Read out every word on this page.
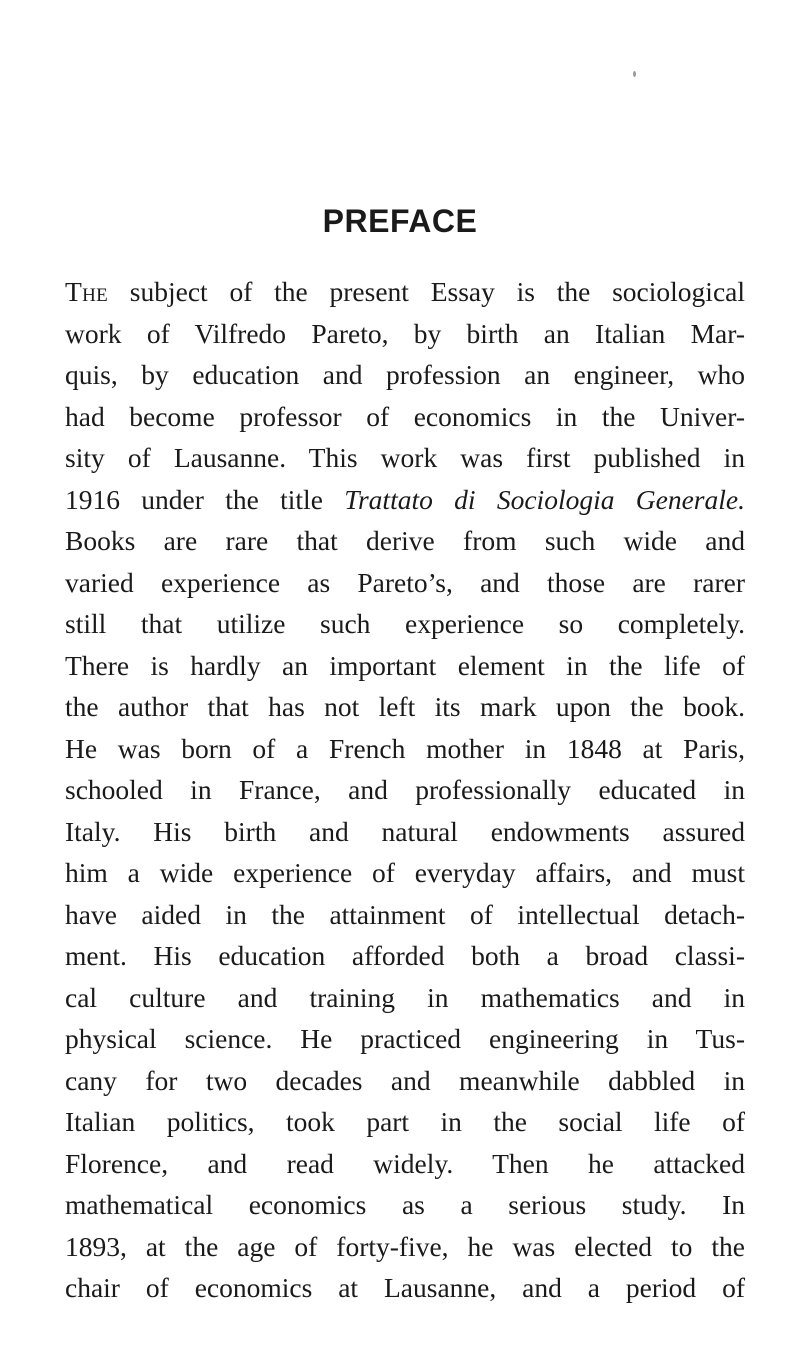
PREFACE
The subject of the present Essay is the sociological
work of Vilfredo Pareto, by birth an Italian Mar-
quis, by education and profession an engineer, who
had become professor of economics in the Univer-
sity of Lausanne. This work was first published in
1916 under the title Trattato di Sociologia Generale.
Books are rare that derive from such wide and
varied experience as Pareto’s, and those are rarer
still that utilize such experience so completely.
There is hardly an important element in the life of
the author that has not left its mark upon the book.
He was born of a French mother in 1848 at Paris,
schooled in France, and professionally educated in
Italy. His birth and natural endowments assured
him a wide experience of everyday affairs, and must
have aided in the attainment of intellectual detach-
ment. His education afforded both a broad classi-
cal culture and training in mathematics and in
physical science. He practiced engineering in Tus-
cany for two decades and meanwhile dabbled in
Italian politics, took part in the social life of
Florence, and read widely. Then he attacked
mathematical economics as a serious study. In
1893, at the age of forty-five, he was elected to the
chair of economics at Lausanne, and a period of
